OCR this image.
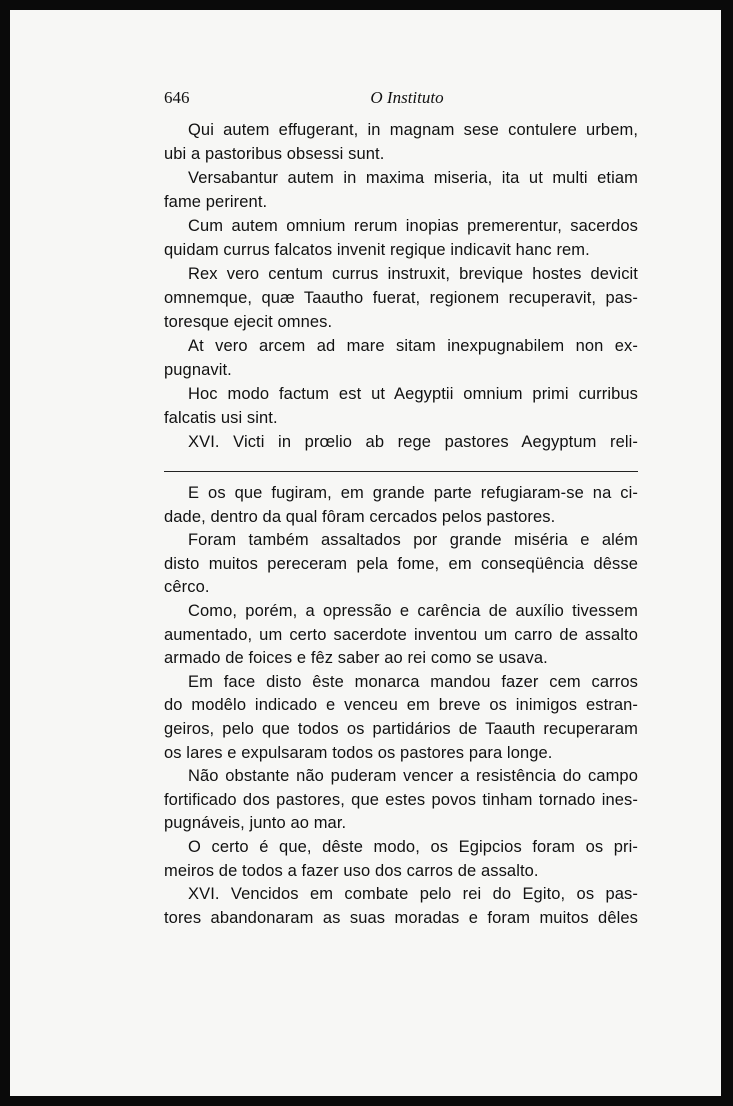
646	O Instituto
Qui autem effugerant, in magnam sese contulere urbem,
ubi a pastoribus obsessi sunt.
Versabantur autem in maxima miseria, ita ut multi etiam
fame perirent.
Cum autem omnium rerum inopias premerentur, sacerdos
quidam currus falcatos invenit regique indicavit hanc rem.
Rex vero centum currus instruxit, brevique hostes devicit
omnemque, quæ Taautho fuerat, regionem recuperavit, pas-
toresque ejecit omnes.
At vero arcem ad mare sitam inexpugnabilem non ex-
pugnavit.
Hoc modo factum est ut Aegyptii omnium primi curribus
falcatis usi sint.
XVI. Victi in prœlio ab rege pastores Aegyptum reli-
E os que fugiram, em grande parte refugiaram-se na ci-
dade, dentro da qual fôram cercados pelos pastores.
Foram também assaltados por grande miséria e além
disto muitos pereceram pela fome, em conseqüência dêsse
cêrco.
Como, porém, a opressão e carência de auxílio tivessem
aumentado, um certo sacerdote inventou um carro de assalto
armado de foices e fêz saber ao rei como se usava.
Em face disto êste monarca mandou fazer cem carros
do modêlo indicado e venceu em breve os inimigos estran-
geiros, pelo que todos os partidários de Taauth recuperaram
os lares e expulsaram todos os pastores para longe.
Não obstante não puderam vencer a resistência do campo
fortificado dos pastores, que estes povos tinham tornado ines-
pugnáveis, junto ao mar.
O certo é que, dêste modo, os Egipcios foram os pri-
meiros de todos a fazer uso dos carros de assalto.
XVI. Vencidos em combate pelo rei do Egito, os pas-
tores abandonaram as suas moradas e foram muitos dêles
